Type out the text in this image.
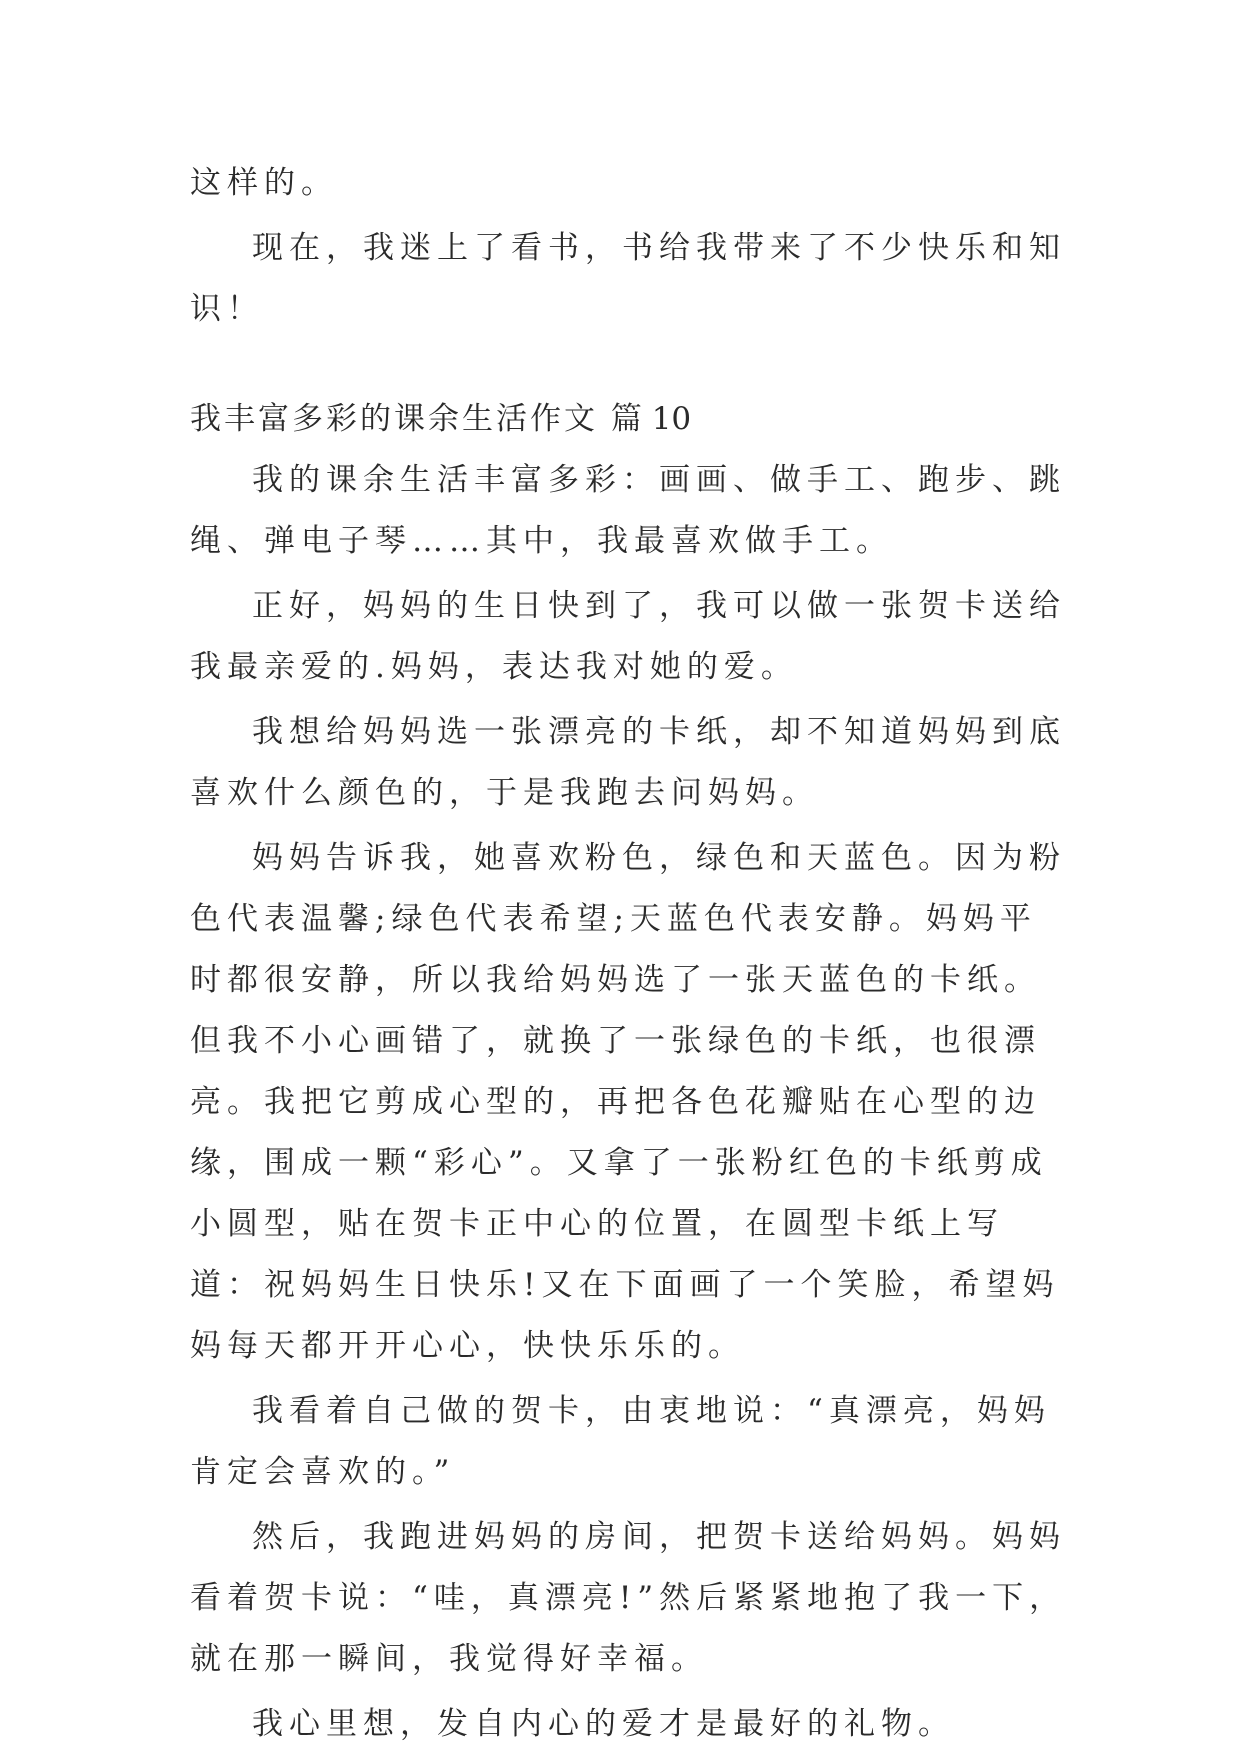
这样的。

现在，我迷上了看书，书给我带来了不少快乐和知识！

我丰富多彩的课余生活作文 篇 10

我的课余生活丰富多彩：画画、做手工、跑步、跳绳、弹电子琴……其中，我最喜欢做手工。

正好，妈妈的生日快到了，我可以做一张贺卡送给我最亲爱的.妈妈，表达我对她的爱。

我想给妈妈选一张漂亮的卡纸，却不知道妈妈到底喜欢什么颜色的，于是我跑去问妈妈。

妈妈告诉我，她喜欢粉色，绿色和天蓝色。因为粉色代表温馨;绿色代表希望;天蓝色代表安静。妈妈平时都很安静，所以我给妈妈选了一张天蓝色的卡纸。但我不小心画错了，就换了一张绿色的卡纸，也很漂亮。我把它剪成心型的，再把各色花瓣贴在心型的边缘，围成一颗“彩心”。又拿了一张粉红色的卡纸剪成小圆型，贴在贺卡正中心的位置，在圆型卡纸上写道：祝妈妈生日快乐!又在下面画了一个笑脸，希望妈妈每天都开开心心，快快乐乐的。

我看着自己做的贺卡，由衷地说：“真漂亮，妈妈肯定会喜欢的。”

然后，我跑进妈妈的房间，把贺卡送给妈妈。妈妈看着贺卡说：“哇，真漂亮!”然后紧紧地抱了我一下，就在那一瞬间，我觉得好幸福。

我心里想，发自内心的爱才是最好的礼物。
